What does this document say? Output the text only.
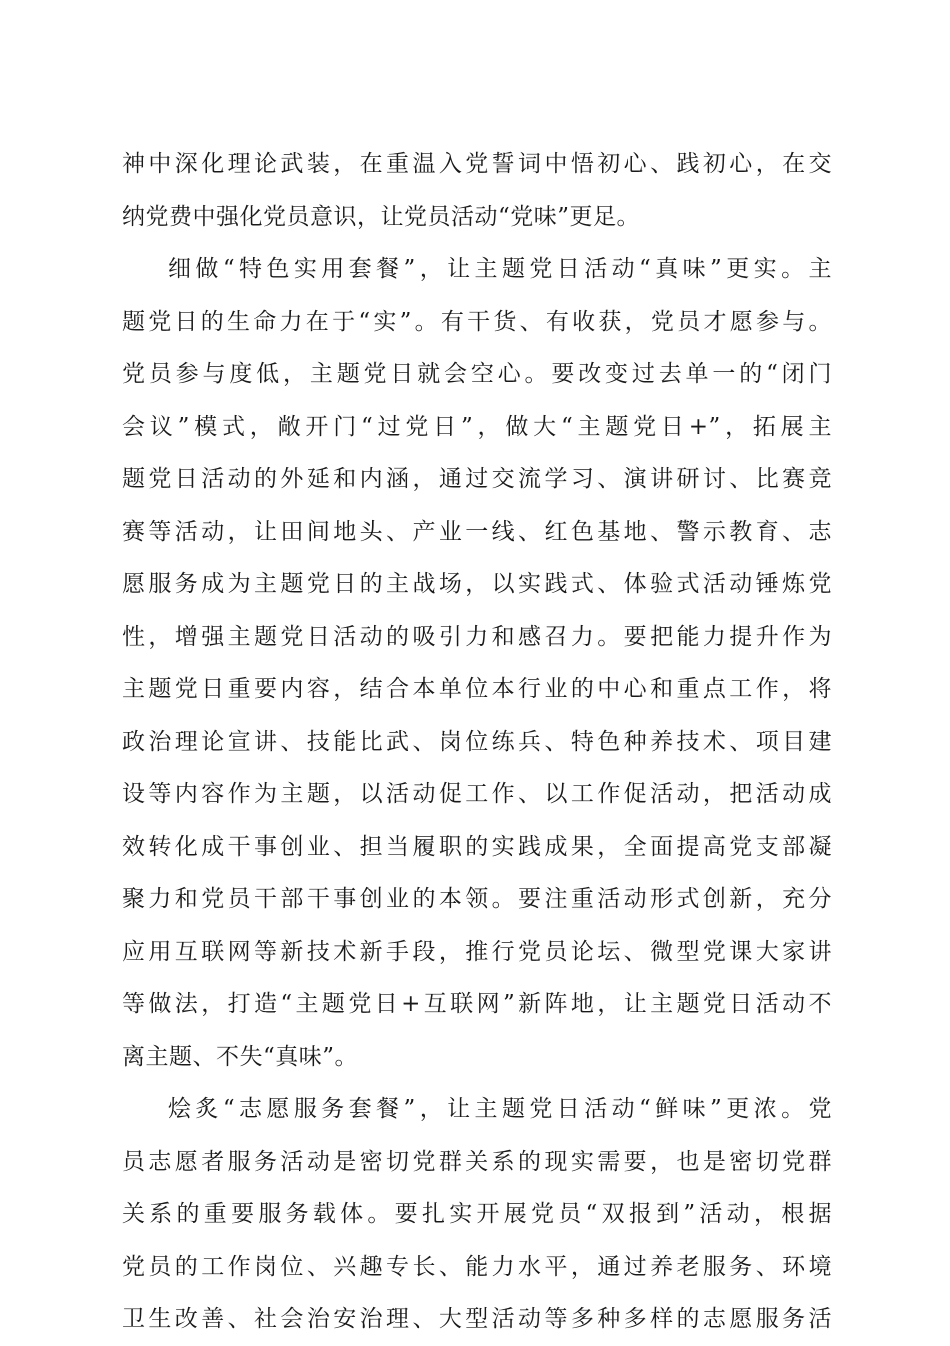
神中深化理论武装，在重温入党誓词中悟初心、践初心，在交
纳党费中强化党员意识，让党员活动“党味”更足。
细做“特色实用套餐”，让主题党日活动“真味”更实。主
题党日的生命力在于“实”。有干货、有收获，党员才愿参与。
党员参与度低，主题党日就会空心。要改变过去单一的“闭门
会议”模式，敞开门“过党日”，做大“主题党日+”，拓展主
题党日活动的外延和内涵，通过交流学习、演讲研讨、比赛竞
赛等活动，让田间地头、产业一线、红色基地、警示教育、志
愿服务成为主题党日的主战场，以实践式、体验式活动锤炼党
性，增强主题党日活动的吸引力和感召力。要把能力提升作为
主题党日重要内容，结合本单位本行业的中心和重点工作，将
政治理论宣讲、技能比武、岗位练兵、特色种养技术、项目建
设等内容作为主题，以活动促工作、以工作促活动，把活动成
效转化成干事创业、担当履职的实践成果，全面提高党支部凝
聚力和党员干部干事创业的本领。要注重活动形式创新，充分
应用互联网等新技术新手段，推行党员论坛、微型党课大家讲
等做法，打造“主题党日+互联网”新阵地，让主题党日活动不
离主题、不失“真味”。
烩炙“志愿服务套餐”，让主题党日活动“鲜味”更浓。党
员志愿者服务活动是密切党群关系的现实需要，也是密切党群
关系的重要服务载体。要扎实开展党员“双报到”活动，根据
党员的工作岗位、兴趣专长、能力水平，通过养老服务、环境
卫生改善、社会治安治理、大型活动等多种多样的志愿服务活
